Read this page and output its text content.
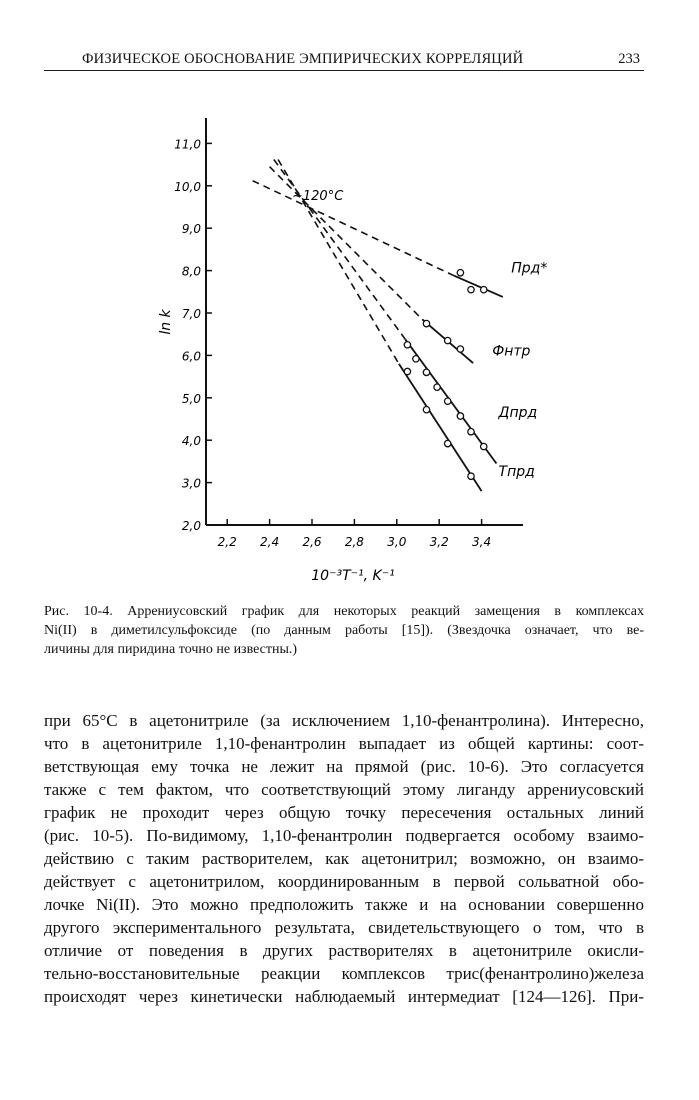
ФИЗИЧЕСКОЕ ОБОСНОВАНИЕ ЭМПИРИЧЕСКИХ КОРРЕЛЯЦИЙ	233
2,0
3,0
4,0
5,0
6,0
7,0
8,0
9,0
10,0
11,0
2,2 2,4 2,6 2,8 3,0 3,2 3,4
10⁻³T⁻¹, K⁻¹
ln k
~120°C
Прд*
Фнтр
Дпрд
Тпрд
Рис. 10-4. Аррениусовский график для некоторых реакций замещения в комплексах
Ni(II) в диметилсульфоксиде (по данным работы [15]). (Звездочка означает, что ве-
личины для пиридина точно не известны.)
при 65°C в ацетонитриле (за исключением 1,10-фенантролина). Интересно,
что в ацетонитриле 1,10-фенантролин выпадает из общей картины: соот-
ветствующая ему точка не лежит на прямой (рис. 10-6). Это согласуется
также с тем фактом, что соответствующий этому лиганду аррениусовский
график не проходит через общую точку пересечения остальных линий
(рис. 10-5). По-видимому, 1,10-фенантролин подвергается особому взаимо-
действию с таким растворителем, как ацетонитрил; возможно, он взаимо-
действует с ацетонитрилом, координированным в первой сольватной обо-
лочке Ni(II). Это можно предположить также и на основании совершенно
другого экспериментального результата, свидетельствующего о том, что в
отличие от поведения в других растворителях в ацетонитриле окисли-
тельно-восстановительные реакции комплексов трис(фенантролино)железа
происходят через кинетически наблюдаемый интермедиат [124—126]. При-
